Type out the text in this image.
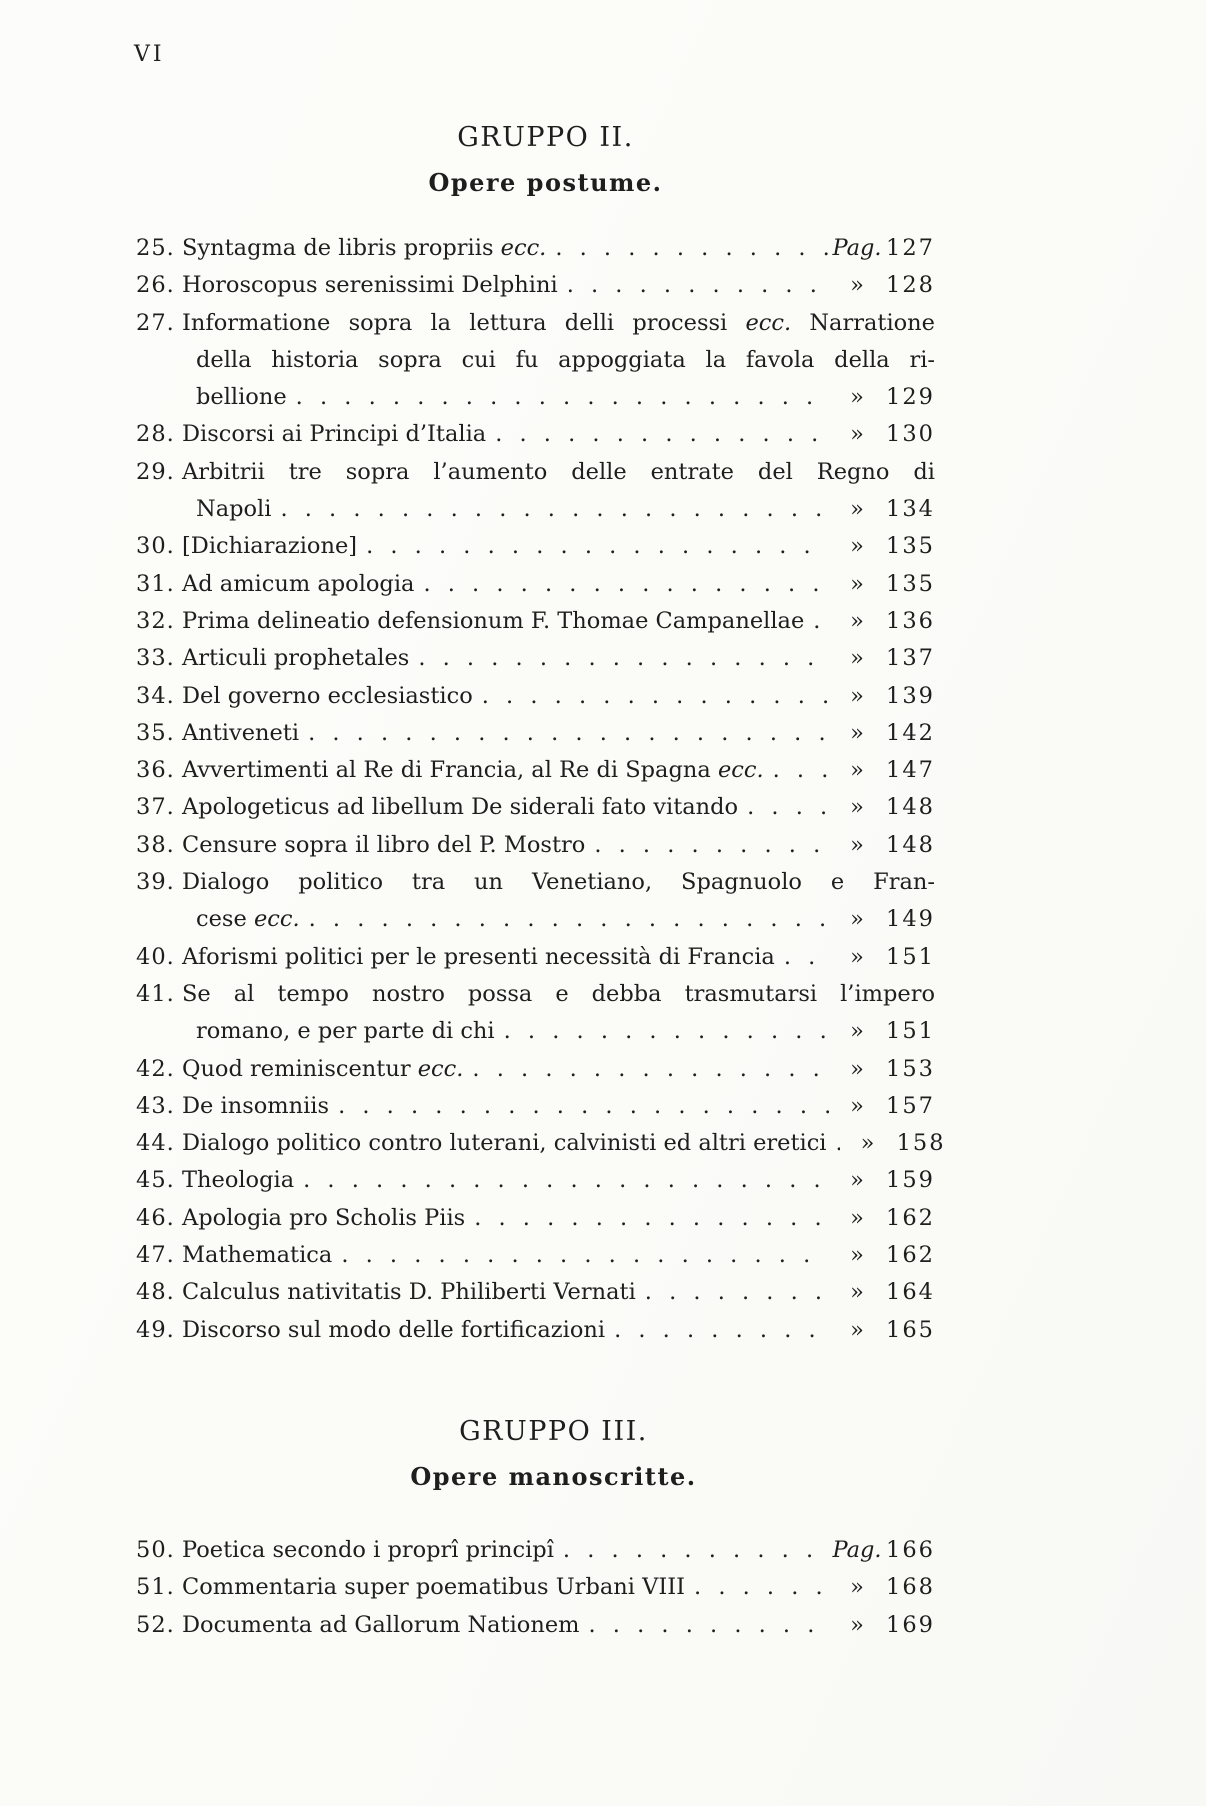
VI
GRUPPO II.
Opere postume.
25. Syntagma de libris propriis ecc. . . .	Pag. 127
26. Horoscopus serenissimi Delphini . . .	» 128
27. Informatione sopra la lettura delli processi ecc. Narratione
della historia sopra cui fu appoggiata la favola della ri-
bellione . . .	» 129
28. Discorsi ai Principi d’Italia . . .	» 130
29. Arbitrii tre sopra l’aumento delle entrate del Regno di
Napoli . . .	» 134
30. [Dichiarazione] . . .	» 135
31. Ad amicum apologia . . .	» 135
32. Prima delineatio defensionum F. Thomae Campanellae . . .	» 136
33. Articuli prophetales . . .	» 137
34. Del governo ecclesiastico . . .	» 139
35. Antiveneti . . .	» 142
36. Avvertimenti al Re di Francia, al Re di Spagna ecc. . . .	» 147
37. Apologeticus ad libellum De siderali fato vitando . . .	» 148
38. Censure sopra il libro del P. Mostro . . .	» 148
39. Dialogo politico tra un Venetiano, Spagnuolo e Fran-
cese ecc. . . .	» 149
40. Aforismi politici per le presenti necessità di Francia . . .	» 151
41. Se al tempo nostro possa e debba trasmutarsi l’impero
romano, e per parte di chi . . .	» 151
42. Quod reminiscentur ecc. . . .	» 153
43. De insomniis . . .	» 157
44. Dialogo politico contro luterani, calvinisti ed altri eretici . . .	» 158
45. Theologia . . .	» 159
46. Apologia pro Scholis Piis . . .	» 162
47. Mathematica . . .	» 162
48. Calculus nativitatis D. Philiberti Vernati . . .	» 164
49. Discorso sul modo delle fortificazioni . . .	» 165
GRUPPO III.
Opere manoscritte.
50. Poetica secondo i proprî principî . . .	Pag. 166
51. Commentaria super poematibus Urbani VIII . . .	» 168
52. Documenta ad Gallorum Nationem . . .	» 169
